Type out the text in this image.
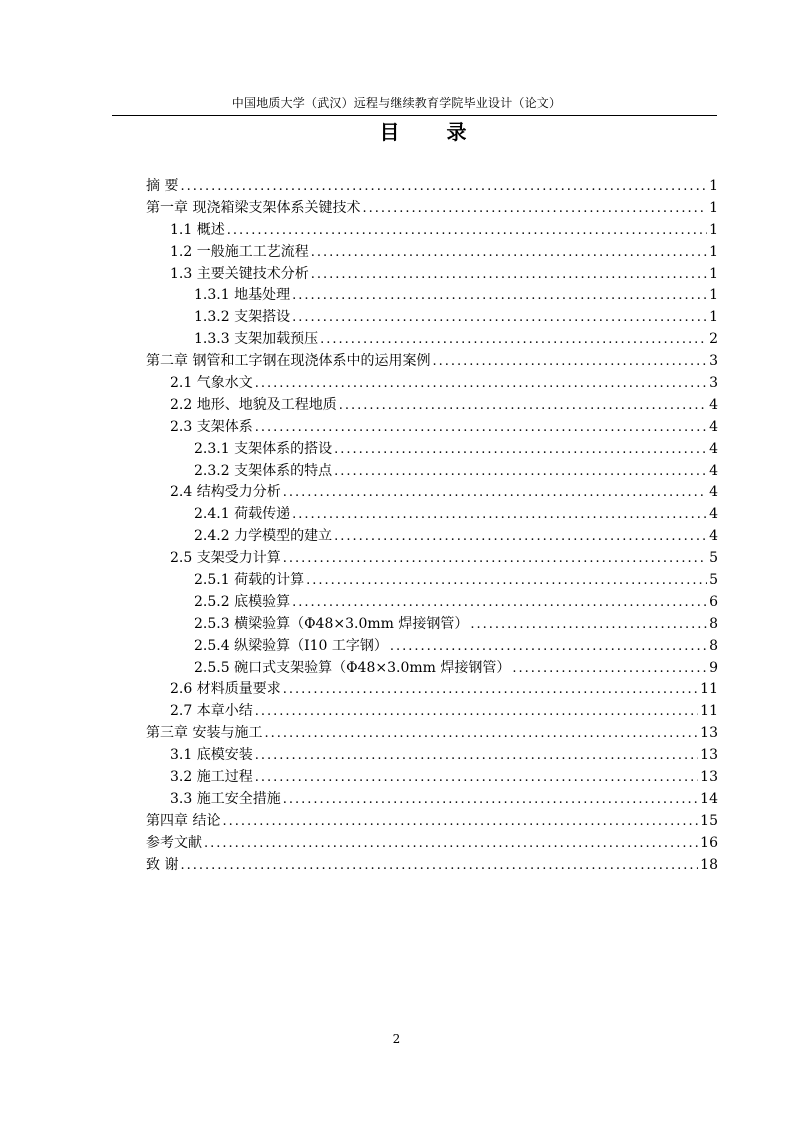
中国地质大学（武汉）远程与继续教育学院毕业设计（论文）
目 录
摘 要 .....	1
第一章 现浇箱梁支架体系关键技术 .....	1
1.1 概述 .....	1
1.2 一般施工工艺流程 .....	1
1.3 主要关键技术分析 .....	1
1.3.1 地基处理 .....	1
1.3.2 支架搭设 .....	1
1.3.3 支架加载预压 .....	2
第二章 钢管和工字钢在现浇体系中的运用案例 .....	3
2.1 气象水文 .....	3
2.2 地形、地貌及工程地质 .....	4
2.3 支架体系 .....	4
2.3.1 支架体系的搭设 .....	4
2.3.2 支架体系的特点 .....	4
2.4 结构受力分析 .....	4
2.4.1 荷载传递 .....	4
2.4.2 力学模型的建立 .....	4
2.5 支架受力计算 .....	5
2.5.1 荷载的计算 .....	5
2.5.2 底模验算 .....	6
2.5.3 横梁验算（Φ48×3.0mm 焊接钢管） .....	8
2.5.4 纵梁验算（I10 工字钢） .....	8
2.5.5 碗口式支架验算（Φ48×3.0mm 焊接钢管） .....	9
2.6 材料质量要求 .....	11
2.7 本章小结 .....	11
第三章 安装与施工 .....	13
3.1 底模安装 .....	13
3.2 施工过程 .....	13
3.3 施工安全措施 .....	14
第四章 结论 .....	15
参考文献 .....	16
致 谢 .....	18
2
